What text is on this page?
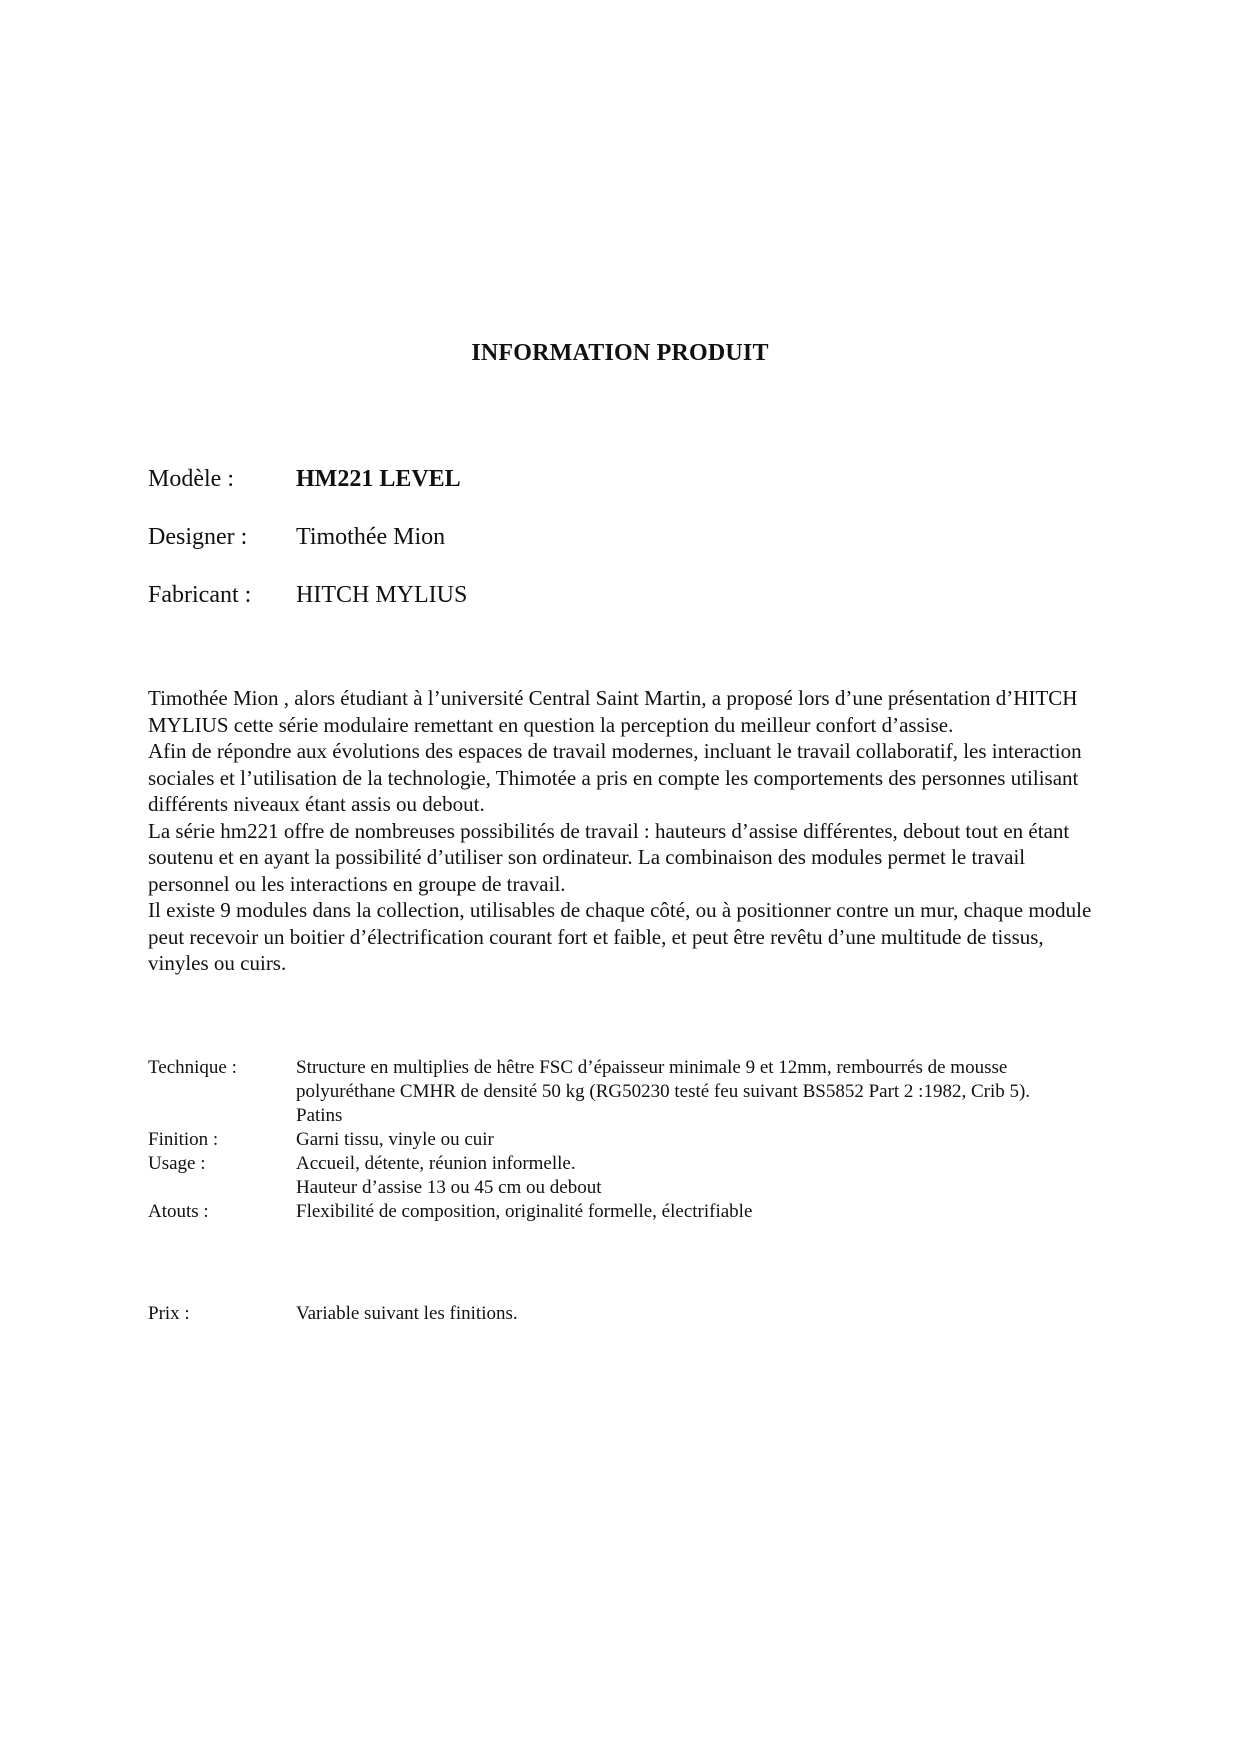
INFORMATION PRODUIT
Modèle :	HM221 LEVEL
Designer : Timothée Mion
Fabricant : HITCH MYLIUS

Timothée Mion , alors étudiant à l’université Central Saint Martin, a proposé lors d’une présentation d’HITCH MYLIUS cette série modulaire remettant en question la perception du meilleur confort d’assise.

Afin de répondre aux évolutions des espaces de travail modernes, incluant le travail collaboratif, les interaction sociales et l’utilisation de la technologie, Thimotée a pris en compte les comportements des personnes utilisant différents niveaux étant assis ou debout.

La série hm221 offre de nombreuses possibilités de travail : hauteurs d’assise différentes, debout tout en étant soutenu et en ayant la possibilité d’utiliser son ordinateur. La combinaison des modules permet le travail personnel ou les interactions en groupe de travail.

Il existe 9 modules dans la collection, utilisables de chaque côté, ou à positionner contre un mur, chaque module peut recevoir un boitier d’électrification courant fort et faible, et peut être revêtu d’une multitude de tissus, vinyles ou cuirs.

Technique :	Structure en multiplies de hêtre FSC d’épaisseur minimale 9 et 12mm, rembourrés de mousse polyuréthane CMHR de densité 50 kg (RG50230 testé feu suivant BS5852 Part 2 :1982, Crib 5).
Patins
Finition :	Garni tissu, vinyle ou cuir
Usage :	Accueil, détente, réunion informelle.
Hauteur d’assise 13 ou 45 cm ou debout
Atouts :	Flexibilité de composition, originalité formelle, électrifiable
Prix :	Variable suivant les finitions.
